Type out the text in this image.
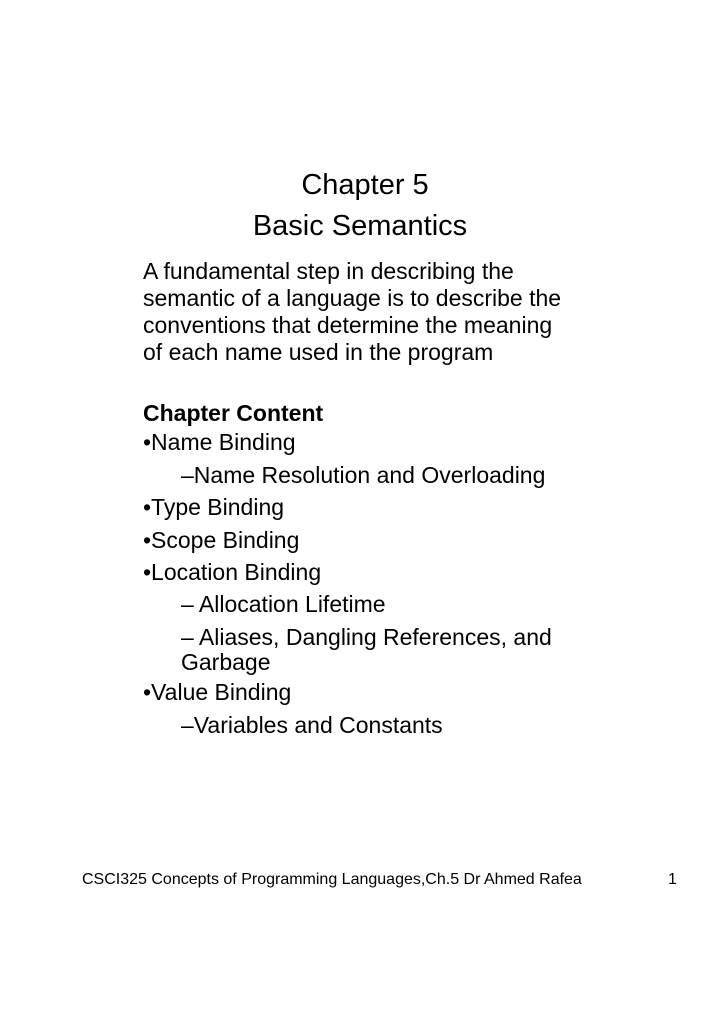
Chapter 5
Basic Semantics
A fundamental step in describing the
semantic of a language is to describe the
conventions that determine the meaning
of each name used in the program
Chapter Content
•Name Binding
–Name Resolution and Overloading
•Type Binding
•Scope Binding
•Location Binding
– Allocation Lifetime
– Aliases, Dangling References, and
Garbage
•Value Binding
–Variables and Constants
CSCI325 Concepts of Programming Languages,Ch.5 Dr Ahmed Rafea	1
